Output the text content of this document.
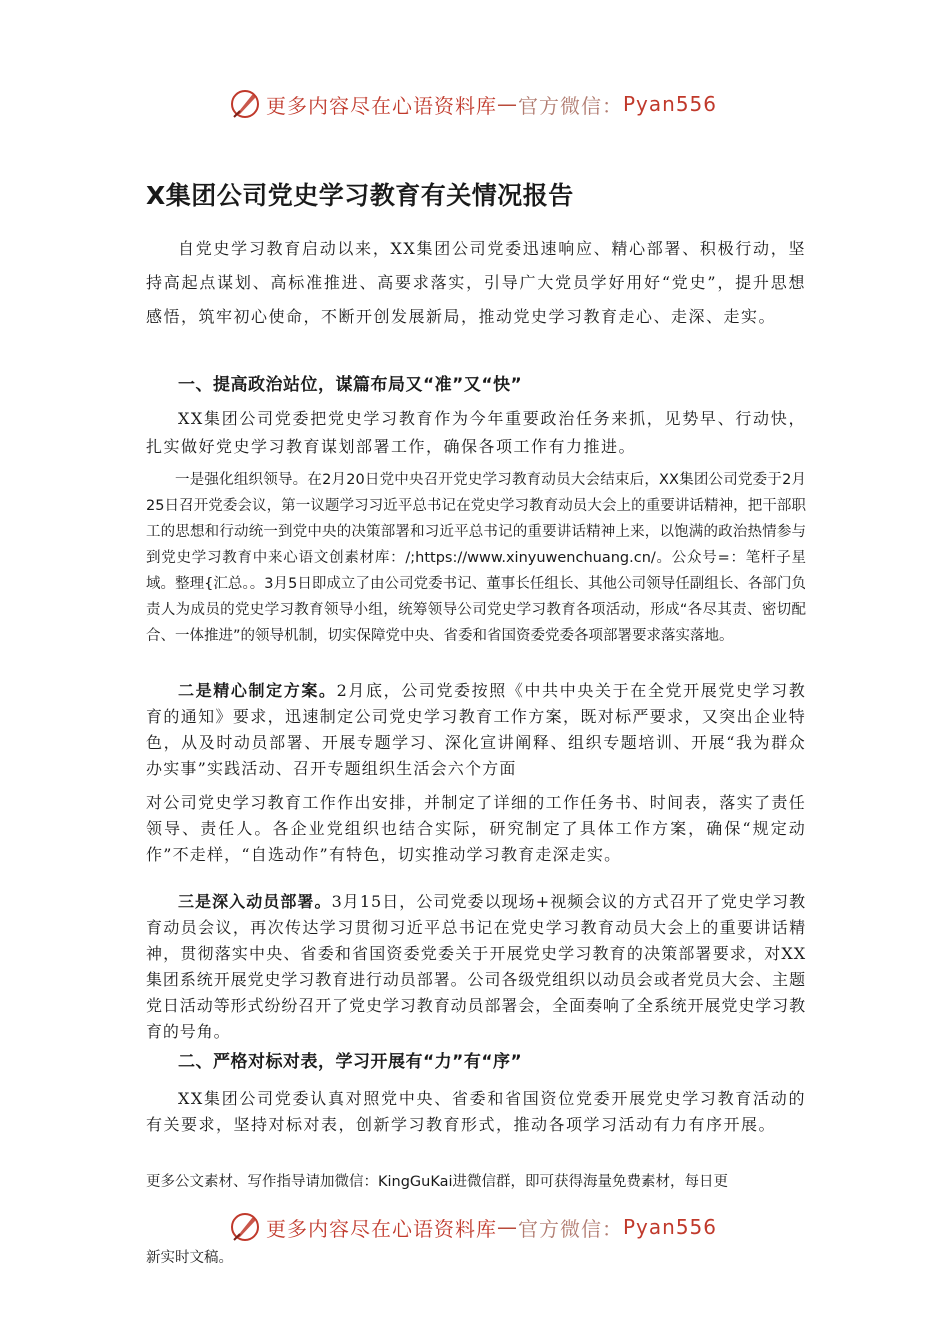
更多内容尽在心语资料库 — 官方微信： Pyan556
X集团公司党史学习教育有关情况报告
自党史学习教育启动以来，XX集团公司党委迅速响应、精心部署、积极行动，坚持高起点谋划、高标准推进、高要求落实，引导广大党员学好用好“党史”，提升思想感悟，筑牢初心使命，不断开创发展新局，推动党史学习教育走心、走深、走实。
一、提高政治站位，谋篇布局又“准”又“快”
XX集团公司党委把党史学习教育作为今年重要政治任务来抓，见势早、行动快，扎实做好党史学习教育谋划部署工作，确保各项工作有力推进。
一是强化组织领导。在2月20日党中央召开党史学习教育动员大会结束后，XX集团公司党委于2月25日召开党委会议，第一议题学习习近平总书记在党史学习教育动员大会上的重要讲话精神，把干部职工的思想和行动统一到党中央的决策部署和习近平总书记的重要讲话精神上来，以饱满的政治热情参与到党史学习教育中来心语文创素材库：/;https://www.xinyuwenchuang.cn/。公众号=：笔杆子星域。整理{汇总。。3月5日即成立了由公司党委书记、董事长任组长、其他公司领导任副组长、各部门负责人为成员的党史学习教育领导小组，统筹领导公司党史学习教育各项活动，形成“各尽其责、密切配合、一体推进”的领导机制，切实保障党中央、省委和省国资委党委各项部署要求落实落地。
二是精心制定方案。2月底，公司党委按照《中共中央关于在全党开展党史学习教育的通知》要求，迅速制定公司党史学习教育工作方案，既对标严要求，又突出企业特色，从及时动员部署、开展专题学习、深化宣讲阐释、组织专题培训、开展“我为群众办实事”实践活动、召开专题组织生活会六个方面
对公司党史学习教育工作作出安排，并制定了详细的工作任务书、时间表，落实了责任领导、责任人。各企业党组织也结合实际，研究制定了具体工作方案，确保“规定动作”不走样，“自选动作”有特色，切实推动学习教育走深走实。
三是深入动员部署。3月15日，公司党委以现场+视频会议的方式召开了党史学习教育动员会议，再次传达学习贯彻习近平总书记在党史学习教育动员大会上的重要讲话精神，贯彻落实中央、省委和省国资委党委关于开展党史学习教育的决策部署要求，对XX集团系统开展党史学习教育进行动员部署。公司各级党组织以动员会或者党员大会、主题党日活动等形式纷纷召开了党史学习教育动员部署会，全面奏响了全系统开展党史学习教育的号角。
二、严格对标对表，学习开展有“力”有“序”
XX集团公司党委认真对照党中央、省委和省国资位党委开展党史学习教育活动的有关要求，坚持对标对表，创新学习教育形式，推动各项学习活动有力有序开展。
更多公文素材、写作指导请加微信：KingGuKai进微信群，即可获得海量免费素材，每日更
更多内容尽在心语资料库 — 官方微信： Pyan556
新实时文稿。
